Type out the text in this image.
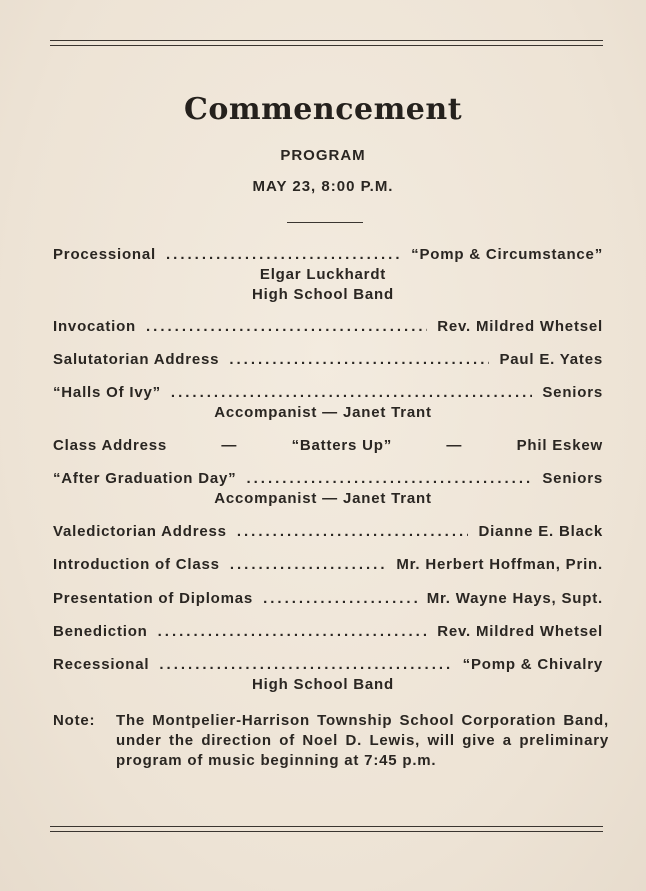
Commencement
PROGRAM
MAY 23, 8:00 P.M.
Processional .....	“Pomp & Circumstance”
Elgar Luckhardt
High School Band
Invocation .....	Rev. Mildred Whetsel
Salutatorian Address .....	Paul E. Yates
“Halls Of Ivy” .....	Seniors
Accompanist — Janet Trant
Class Address	—	“Batters Up”	—	Phil Eskew
“After Graduation Day” .....	Seniors
Accompanist — Janet Trant
Valedictorian Address .....	Dianne E. Black
Introduction of Class .....	Mr. Herbert Hoffman, Prin.
Presentation of Diplomas .....	Mr. Wayne Hays, Supt.
Benediction .....	Rev. Mildred Whetsel
Recessional .....	“Pomp & Chivalry
High School Band
Note: The Montpelier-Harrison Township School Corporation Band, under the direction of Noel D. Lewis, will give a preliminary program of music beginning at 7:45 p.m.
